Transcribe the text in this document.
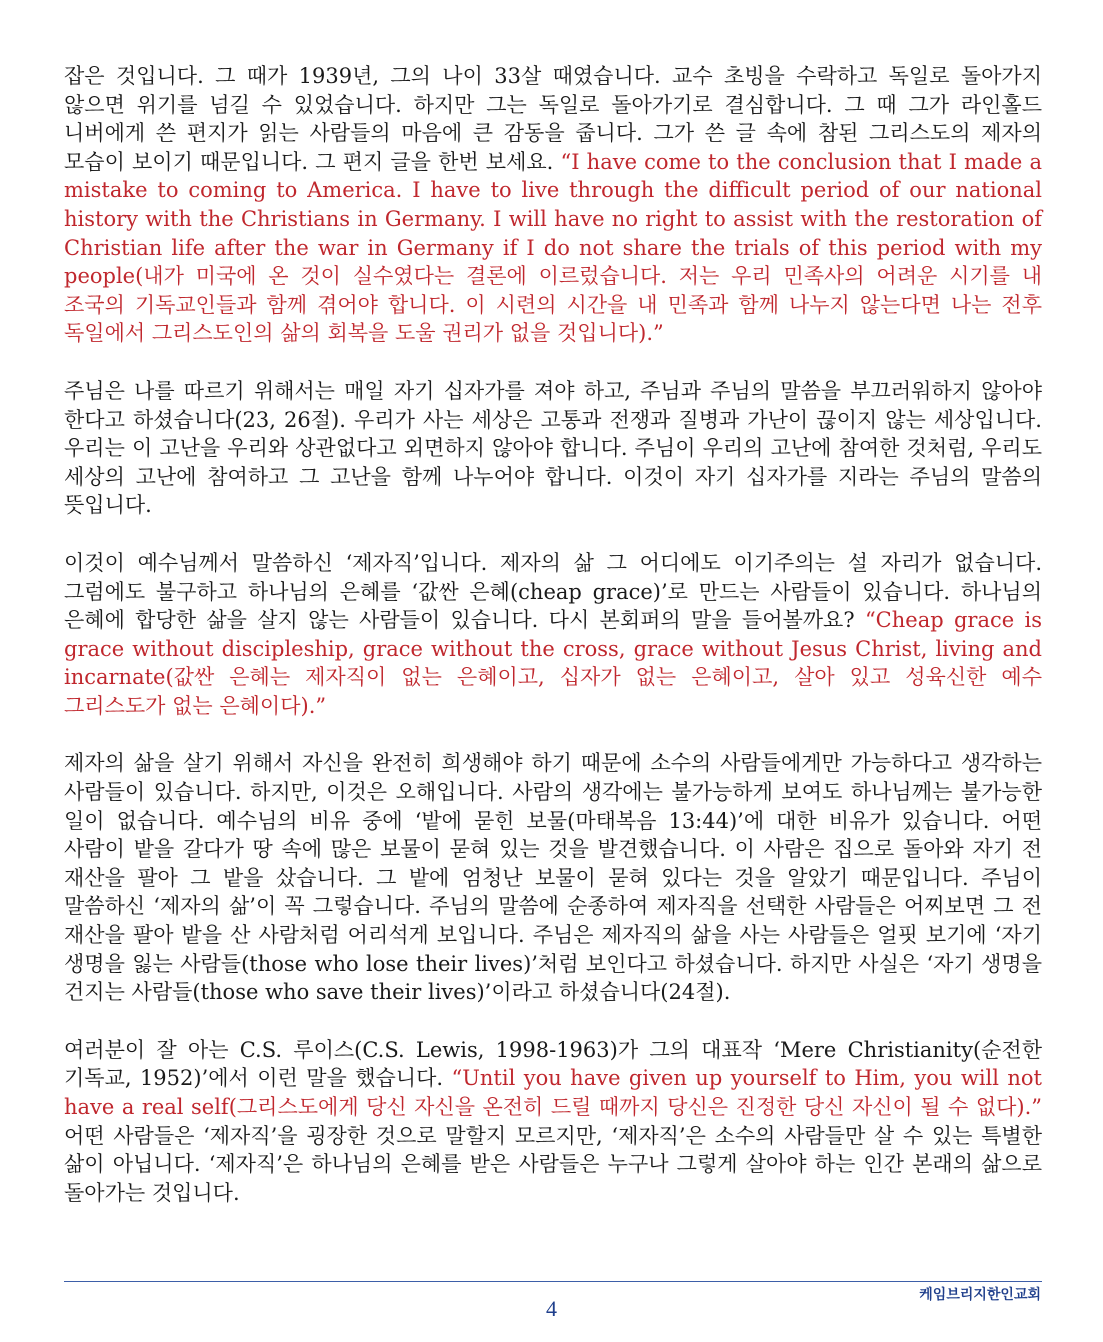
잡은 것입니다. 그 때가 1939년, 그의 나이 33살 때였습니다. 교수 초빙을 수락하고 독일로 돌아가지 않으면 위기를 넘길 수 있었습니다. 하지만 그는 독일로 돌아가기로 결심합니다. 그 때 그가 라인홀드 니버에게 쓴 편지가 읽는 사람들의 마음에 큰 감동을 줍니다. 그가 쓴 글 속에 참된 그리스도의 제자의 모습이 보이기 때문입니다. 그 편지 글을 한번 보세요. “I have come to the conclusion that I made a mistake to coming to America. I have to live through the difficult period of our national history with the Christians in Germany. I will have no right to assist with the restoration of Christian life after the war in Germany if I do not share the trials of this period with my people(내가 미국에 온 것이 실수였다는 결론에 이르렀습니다. 저는 우리 민족사의 어려운 시기를 내 조국의 기독교인들과 함께 겪어야 합니다. 이 시련의 시간을 내 민족과 함께 나누지 않는다면 나는 전후 독일에서 그리스도인의 삶의 회복을 도울 권리가 없을 것입니다).”

주님은 나를 따르기 위해서는 매일 자기 십자가를 져야 하고, 주님과 주님의 말씀을 부끄러워하지 않아야 한다고 하셨습니다(23, 26절). 우리가 사는 세상은 고통과 전쟁과 질병과 가난이 끊이지 않는 세상입니다. 우리는 이 고난을 우리와 상관없다고 외면하지 않아야 합니다. 주님이 우리의 고난에 참여한 것처럼, 우리도 세상의 고난에 참여하고 그 고난을 함께 나누어야 합니다. 이것이 자기 십자가를 지라는 주님의 말씀의 뜻입니다.

이것이 예수님께서 말씀하신 ‘제자직’입니다. 제자의 삶 그 어디에도 이기주의는 설 자리가 없습니다. 그럼에도 불구하고 하나님의 은혜를 ‘값싼 은혜(cheap grace)’로 만드는 사람들이 있습니다. 하나님의 은혜에 합당한 삶을 살지 않는 사람들이 있습니다. 다시 본회퍼의 말을 들어볼까요? “Cheap grace is grace without discipleship, grace without the cross, grace without Jesus Christ, living and incarnate(값싼 은혜는 제자직이 없는 은혜이고, 십자가 없는 은혜이고, 살아 있고 성육신한 예수 그리스도가 없는 은혜이다).”

제자의 삶을 살기 위해서 자신을 완전히 희생해야 하기 때문에 소수의 사람들에게만 가능하다고 생각하는 사람들이 있습니다. 하지만, 이것은 오해입니다. 사람의 생각에는 불가능하게 보여도 하나님께는 불가능한 일이 없습니다. 예수님의 비유 중에 ‘밭에 묻힌 보물(마태복음 13:44)’에 대한 비유가 있습니다. 어떤 사람이 밭을 갈다가 땅 속에 많은 보물이 묻혀 있는 것을 발견했습니다. 이 사람은 집으로 돌아와 자기 전 재산을 팔아 그 밭을 샀습니다. 그 밭에 엄청난 보물이 묻혀 있다는 것을 알았기 때문입니다. 주님이 말씀하신 ‘제자의 삶’이 꼭 그렇습니다. 주님의 말씀에 순종하여 제자직을 선택한 사람들은 어찌보면 그 전 재산을 팔아 밭을 산 사람처럼 어리석게 보입니다. 주님은 제자직의 삶을 사는 사람들은 얼핏 보기에 ‘자기 생명을 잃는 사람들(those who lose their lives)’처럼 보인다고 하셨습니다. 하지만 사실은 ‘자기 생명을 건지는 사람들(those who save their lives)’이라고 하셨습니다(24절).

여러분이 잘 아는 C.S. 루이스(C.S. Lewis, 1998-1963)가 그의 대표작 ‘Mere Christianity(순전한 기독교, 1952)’에서 이런 말을 했습니다. “Until you have given up yourself to Him, you will not have a real self(그리스도에게 당신 자신을 온전히 드릴 때까지 당신은 진정한 당신 자신이 될 수 없다).” 어떤 사람들은 ‘제자직’을 굉장한 것으로 말할지 모르지만, ‘제자직’은 소수의 사람들만 살 수 있는 특별한 삶이 아닙니다. ‘제자직’은 하나님의 은혜를 받은 사람들은 누구나 그렇게 살아야 하는 인간 본래의 삶으로 돌아가는 것입니다.

케임브리지한인교회
4
